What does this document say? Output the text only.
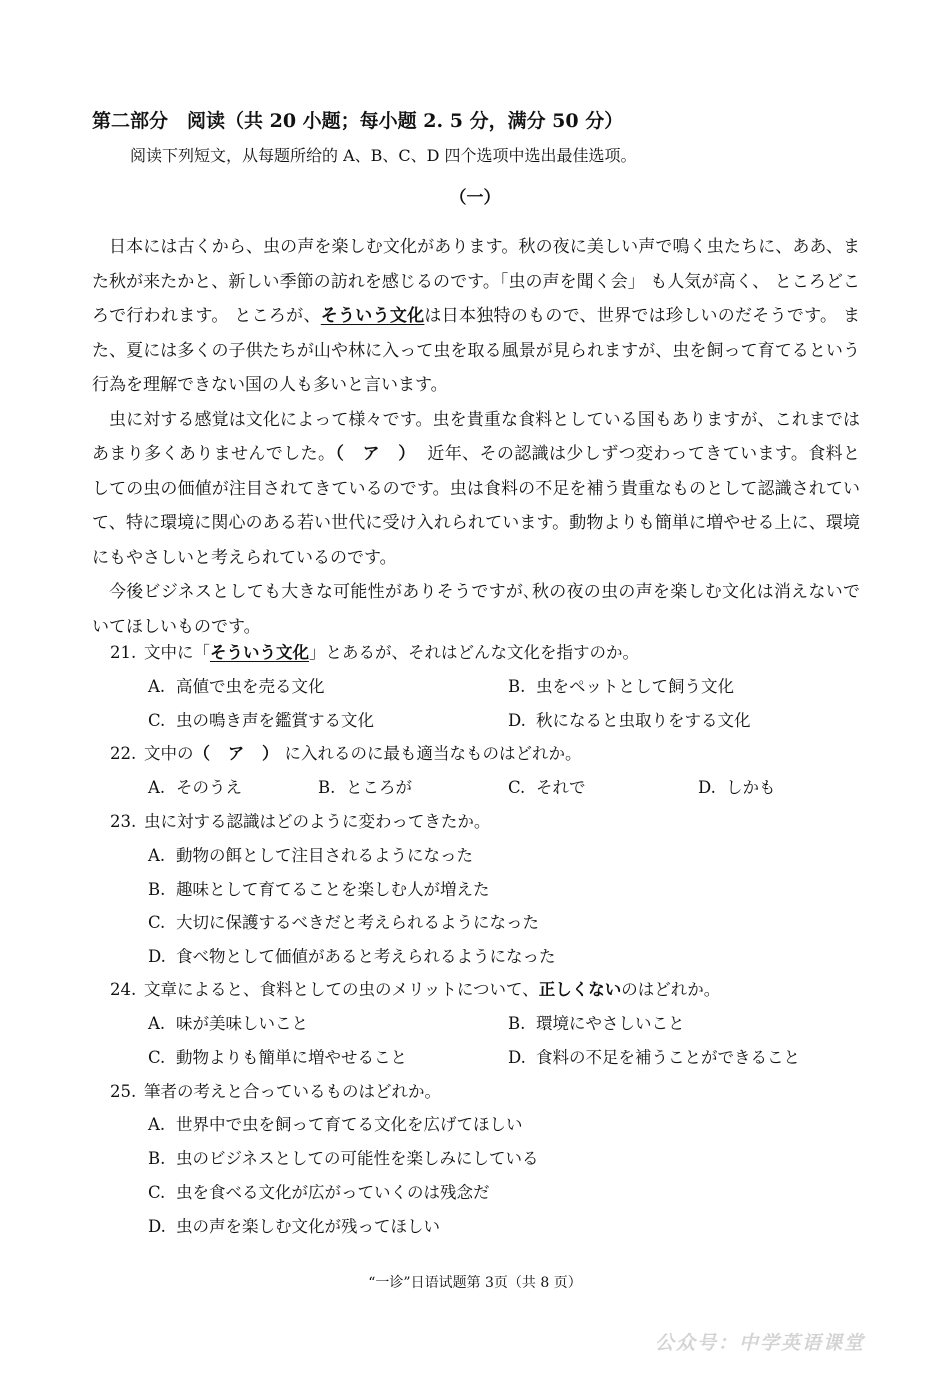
第二部分　阅读（共 20 小题；每小题 2. 5 分，满分 50 分）
阅读下列短文，从每题所给的 A、B、C、D 四个选项中选出最佳选项。
（一）

日本には古くから、虫の声を楽しむ文化があります。秋の夜に美しい声で鳴く虫たちに、ああ、また秋が来たかと、新しい季節の訪れを感じるのです。「虫の声を聞く会」 も人気が高く、 ところどころで行われます。 ところが、そういう文化は日本独特のもので、世界では珍しいのだそうです。 また、夏には多くの子供たちが山や林に入って虫を取る風景が見られますが、虫を飼って育てるという行為を理解できない国の人も多いと言います。

虫に対する感覚は文化によって様々です。虫を貴重な食料としている国もありますが、これまではあまり多くありませんでした。（ ア ） 近年、その認識は少しずつ変わってきています。食料としての虫の価値が注目されてきているのです。虫は食料の不足を補う貴重なものとして認識されていて、特に環境に関心のある若い世代に受け入れられています。動物よりも簡単に増やせる上に、環境にもやさしいと考えられているのです。

今後ビジネスとしても大きな可能性がありそうですが､秋の夜の虫の声を楽しむ文化は消えないでいてほしいものです。

21. 文中に「そういう文化」とあるが、それはどんな文化を指すのか。
A. 高値で虫を売る文化	B. 虫をペットとして飼う文化
C. 虫の鳴き声を鑑賞する文化	D. 秋になると虫取りをする文化
22. 文中の（ ア ）に入れるのに最も適当なものはどれか。
A. そのうえ	B. ところが	C. それで	D. しかも
23. 虫に対する認識はどのように変わってきたか。
A. 動物の餌として注目されるようになった
B. 趣味として育てることを楽しむ人が増えた
C. 大切に保護するべきだと考えられるようになった
D. 食べ物として価値があると考えられるようになった
24. 文章によると、食料としての虫のメリットについて、正しくないのはどれか。
A. 味が美味しいこと	B. 環境にやさしいこと
C. 動物よりも簡単に増やせること	D. 食料の不足を補うことができること
25. 筆者の考えと合っているものはどれか。
A. 世界中で虫を飼って育てる文化を広げてほしい
B. 虫のビジネスとしての可能性を楽しみにしている
C. 虫を食べる文化が広がっていくのは残念だ
D. 虫の声を楽しむ文化が残ってほしい
“一诊”日语试题第 3页（共 8 页）
公众号：中学英语课堂
